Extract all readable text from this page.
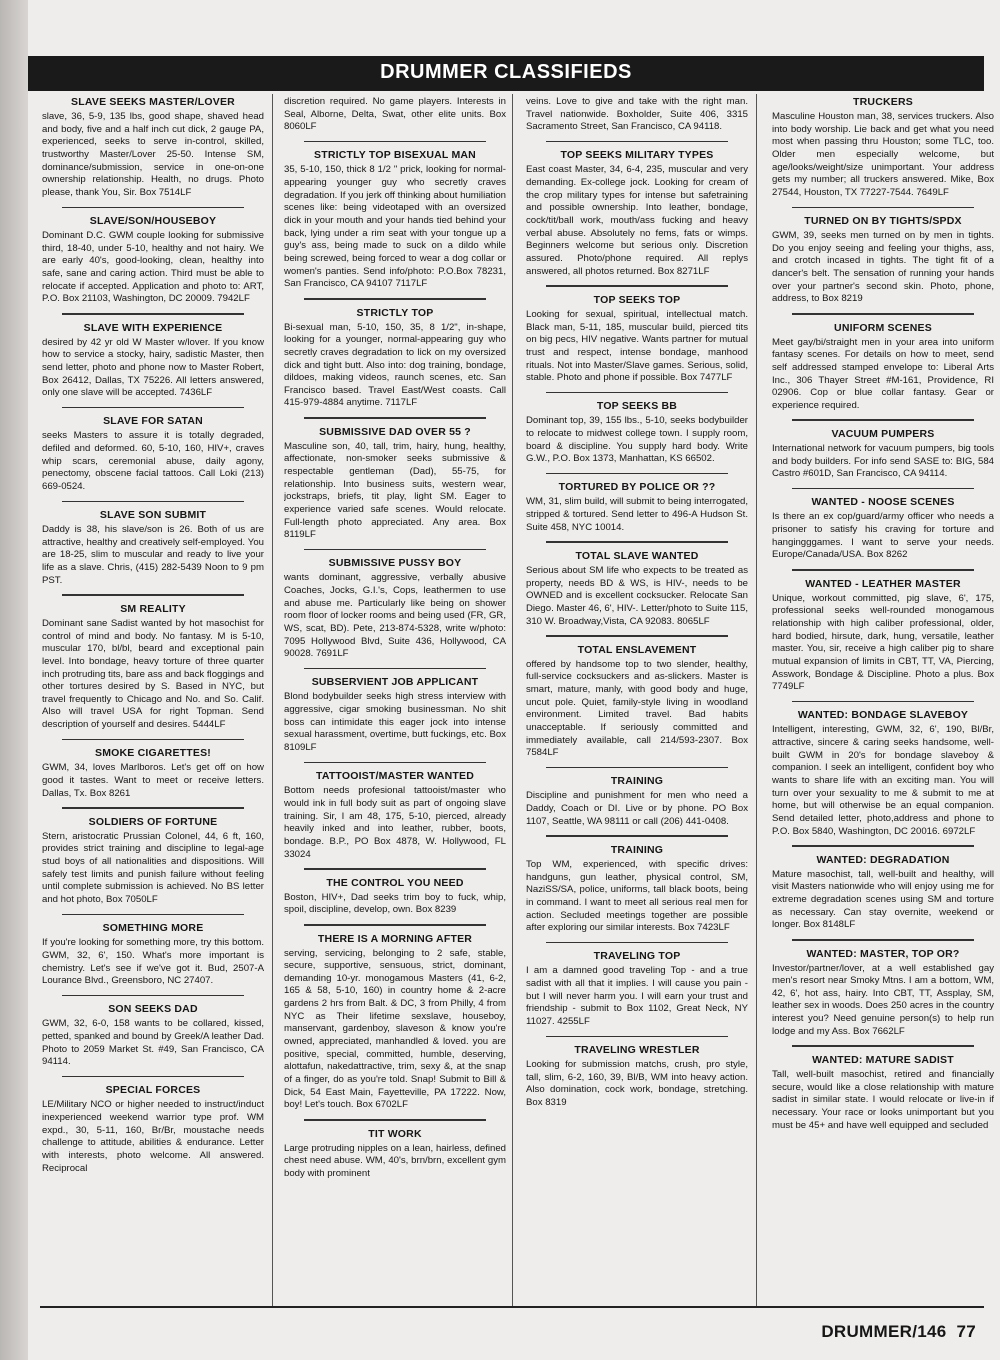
DRUMMER CLASSIFIEDS
SLAVE SEEKS MASTER/LOVER

slave, 36, 5-9, 135 lbs, good shape, shaved head and body, five and a half inch cut dick, 2 gauge PA, experienced, seeks to serve in-control, skilled, trustworthy Master/Lover 25-50. Intense SM, dominance/submission, service in one-on-one ownership relationship. Health, no drugs. Photo please, thank You, Sir. Box 7514LF

SLAVE/SON/HOUSEBOY

Dominant D.C. GWM couple looking for submissive third, 18-40, under 5-10, healthy and not hairy. We are early 40's, good-looking, clean, healthy into safe, sane and caring action. Third must be able to relocate if accepted. Application and photo to: ART, P.O. Box 21103, Washington, DC 20009. 7942LF

SLAVE WITH EXPERIENCE

desired by 42 yr old W Master w/lover. If you know how to service a stocky, hairy, sadistic Master, then send letter, photo and phone now to Master Robert, Box 26412, Dallas, TX 75226. All letters answered, only one slave will be accepted. 7436LF

SLAVE FOR SATAN

seeks Masters to assure it is totally degraded, defiled and deformed. 60, 5-10, 160, HIV+, craves whip scars, ceremonial abuse, daily agony, penectomy, obscene facial tattoos. Call Loki (213) 669-0524.

SLAVE SON SUBMIT

Daddy is 38, his slave/son is 26. Both of us are attractive, healthy and creatively self-employed. You are 18-25, slim to muscular and ready to live your life as a slave. Chris, (415) 282-5439 Noon to 9 pm PST.

SM REALITY

Dominant sane Sadist wanted by hot masochist for control of mind and body. No fantasy. M is 5-10, muscular 170, bl/bl, beard and exceptional pain level. Into bondage, heavy torture of three quarter inch protruding tits, bare ass and back floggings and other tortures desired by S. Based in NYC, but travel frequently to Chicago and No. and So. Calif. Also will travel USA for right Topman. Send description of yourself and desires. 5444LF

SMOKE CIGARETTES!

GWM, 34, loves Marlboros. Let's get off on how good it tastes. Want to meet or receive letters. Dallas, Tx. Box 8261

SOLDIERS OF FORTUNE

Stern, aristocratic Prussian Colonel, 44, 6 ft, 160, provides strict training and discipline to legal-age stud boys of all nationalities and dispositions. Will safely test limits and punish failure without feeling until complete submission is achieved. No BS letter and hot photo, Box 7050LF

SOMETHING MORE

If you're looking for something more, try this bottom. GWM, 32, 6', 150. What's more important is chemistry. Let's see if we've got it. Bud, 2507-A Lourance Blvd., Greensboro, NC 27407.

SON SEEKS DAD

GWM, 32, 6-0, 158 wants to be collared, kissed, petted, spanked and bound by Greek/A leather Dad. Photo to 2059 Market St. #49, San Francisco, CA 94114.

SPECIAL FORCES

LE/Military NCO or higher needed to instruct/induct inexperienced weekend warrior type prof. WM expd., 30, 5-11, 160, Br/Br, moustache needs challenge to attitude, abilities & endurance. Letter with interests, photo welcome. All answered. Reciprocal

discretion required. No game players. Interests in Seal, Alborne, Delta, Swat, other elite units. Box 8060LF

STRICTLY TOP BISEXUAL MAN

35, 5-10, 150, thick 8 1/2 " prick, looking for normal-appearing younger guy who secretly craves degradation. If you jerk off thinking about humiliation scenes like: being videotaped with an oversized dick in your mouth and your hands tied behind your back, lying under a rim seat with your tongue up a guy's ass, being made to suck on a dildo while being screwed, being forced to wear a dog collar or women's panties. Send info/photo: P.O.Box 78231, San Francisco, CA 94107 7117LF

STRICTLY TOP

Bi-sexual man, 5-10, 150, 35, 8 1/2", in-shape, looking for a younger, normal-appearing guy who secretly craves degradation to lick on my oversized dick and tight butt. Also into: dog training, bondage, dildoes, making videos, raunch scenes, etc. San Francisco based. Travel East/West coasts. Call 415-979-4884 anytime. 7117LF

SUBMISSIVE DAD OVER 55 ?

Masculine son, 40, tall, trim, hairy, hung, healthy, affectionate, non-smoker seeks submissive & respectable gentleman (Dad), 55-75, for relationship. Into business suits, western wear, jockstraps, briefs, tit play, light SM. Eager to experience varied safe scenes. Would relocate. Full-length photo appreciated. Any area. Box 8119LF

SUBMISSIVE PUSSY BOY

wants dominant, aggressive, verbally abusive Coaches, Jocks, G.I.'s, Cops, leathermen to use and abuse me. Particularly like being on shower room floor of locker rooms and being used (FR, GR, WS, scat, BD). Pete, 213-874-5328, write w/photo: 7095 Hollywood Blvd, Suite 436, Hollywood, CA 90028. 7691LF

SUBSERVIENT JOB APPLICANT

Blond bodybuilder seeks high stress interview with aggressive, cigar smoking businessman. No shit boss can intimidate this eager jock into intense sexual harassment, overtime, butt fuckings, etc. Box 8109LF

TATTOOIST/MASTER WANTED

Bottom needs profesional tattooist/master who would ink in full body suit as part of ongoing slave training. Sir, I am 48, 175, 5-10, pierced, already heavily inked and into leather, rubber, boots, bondage. B.P., PO Box 4878, W. Hollywood, FL 33024

THE CONTROL YOU NEED

Boston, HIV+, Dad seeks trim boy to fuck, whip, spoil, discipline, develop, own. Box 8239

THERE IS A MORNING AFTER

serving, servicing, belonging to 2 safe, stable, secure, supportive, sensuous, strict, dominant, demanding 10-yr. monogamous Masters (41, 6-2, 165 & 58, 5-10, 160) in country home & 2-acre gardens 2 hrs from Balt. & DC, 3 from Philly, 4 from NYC as Their lifetime sexslave, houseboy, manservant, gardenboy, slaveson & know you're owned, appreciated, manhandled & loved. you are positive, special, committed, humble, deserving, alottafun, nakedattractive, trim, sexy &, at the snap of a finger, do as you're told. Snap! Submit to Bill & Dick, 54 East Main, Fayetteville, PA 17222. Now, boy! Let's touch. Box 6702LF

TIT WORK

Large protruding nipples on a lean, hairless, defined chest need abuse. WM, 40's, brn/brn, excellent gym body with prominent

veins. Love to give and take with the right man. Travel nationwide. Boxholder, Suite 406, 3315 Sacramento Street, San Francisco, CA 94118.

TOP SEEKS MILITARY TYPES

East coast Master, 34, 6-4, 235, muscular and very demanding. Ex-college jock. Looking for cream of the crop military types for intense but safetraining and possible ownership. Into leather, bondage, cock/tit/ball work, mouth/ass fucking and heavy verbal abuse. Absolutely no fems, fats or wimps. Beginners welcome but serious only. Discretion assured. Photo/phone required. All replys answered, all photos returned. Box 8271LF

TOP SEEKS TOP

Looking for sexual, spiritual, intellectual match. Black man, 5-11, 185, muscular build, pierced tits on big pecs, HIV negative. Wants partner for mutual trust and respect, intense bondage, manhood rituals. Not into Master/Slave games. Serious, solid, stable. Photo and phone if possible. Box 7477LF

TOP SEEKS BB

Dominant top, 39, 155 lbs., 5-10, seeks bodybuilder to relocate to midwest college town. I supply room, board & discipline. You supply hard body. Write G.W., P.O. Box 1373, Manhattan, KS 66502.

TORTURED BY POLICE OR ??

WM, 31, slim build, will submit to being interrogated, stripped & tortured. Send letter to 496-A Hudson St. Suite 458, NYC 10014.

TOTAL SLAVE WANTED

Serious about SM life who expects to be treated as property, needs BD & WS, is HIV-, needs to be OWNED and is excellent cocksucker. Relocate San Diego. Master 46, 6', HIV-. Letter/photo to Suite 115, 310 W. Broadway,Vista, CA 92083. 8065LF

TOTAL ENSLAVEMENT

offered by handsome top to two slender, healthy, full-service cocksuckers and as-slickers. Master is smart, mature, manly, with good body and huge, uncut pole. Quiet, family-style living in woodland environment. Limited travel. Bad habits unacceptable. If seriously committed and immediately available, call 214/593-2307. Box 7584LF

TRAINING

Discipline and punishment for men who need a Daddy, Coach or DI. Live or by phone. PO Box 1107, Seattle, WA 98111 or call (206) 441-0408.

TRAINING

Top WM, experienced, with specific drives: handguns, gun leather, physical control, SM, NaziSS/SA, police, uniforms, tall black boots, being in command. I want to meet all serious real men for action. Secluded meetings together are possible after exploring our similar interests. Box 7423LF

TRAVELING TOP

I am a damned good traveling Top - and a true sadist with all that it implies. I will cause you pain - but I will never harm you. I will earn your trust and friendship - submit to Box 1102, Great Neck, NY 11027. 4255LF

TRAVELING WRESTLER

Looking for submission matchs, crush, pro style, tall, slim, 6-2, 160, 39, Bl/B, WM into heavy action. Also domination, cock work, bondage, stretching. Box 8319

TRUCKERS

Masculine Houston man, 38, services truckers. Also into body worship. Lie back and get what you need most when passing thru Houston; some TLC, too. Older men especially welcome, but age/looks/weight/size unimportant. Your address gets my number; all truckers answered. Mike, Box 27544, Houston, TX 77227-7544. 7649LF

TURNED ON BY TIGHTS/SPDX

GWM, 39, seeks men turned on by men in tights. Do you enjoy seeing and feeling your thighs, ass, and crotch incased in tights. The tight fit of a dancer's belt. The sensation of running your hands over your partner's second skin. Photo, phone, address, to Box 8219

UNIFORM SCENES

Meet gay/bi/straight men in your area into uniform fantasy scenes. For details on how to meet, send self addressed stamped envelope to: Liberal Arts Inc., 306 Thayer Street #M-161, Providence, RI 02906. Cop or blue collar fantasy. Gear or experience required.

VACUUM PUMPERS

International network for vacuum pumpers, big tools and body builders. For info send SASE to: BIG, 584 Castro #601D, San Francisco, CA 94114.

WANTED - NOOSE SCENES

Is there an ex cop/guard/army officer who needs a prisoner to satisfy his craving for torture and hangingggames. I want to serve your needs. Europe/Canada/USA. Box 8262

WANTED - LEATHER MASTER

Unique, workout committed, pig slave, 6', 175, professional seeks well-rounded monogamous relationship with high caliber professional, older, hard bodied, hirsute, dark, hung, versatile, leather master. You, sir, receive a high caliber pig to share mutual expansion of limits in CBT, TT, VA, Piercing, Asswork, Bondage & Discipline. Photo a plus. Box 7749LF

WANTED: BONDAGE SLAVEBOY

Intelligent, interesting, GWM, 32, 6', 190, Bl/Br, attractive, sincere & caring seeks handsome, well-built GWM in 20's for bondage slaveboy & companion. I seek an intelligent, confident boy who wants to share life with an exciting man. You will turn over your sexuality to me & submit to me at home, but will otherwise be an equal companion. Send detailed letter, photo,address and phone to P.O. Box 5840, Washington, DC 20016. 6972LF

WANTED: DEGRADATION

Mature masochist, tall, well-built and healthy, will visit Masters nationwide who will enjoy using me for extreme degradation scenes using SM and torture as necessary. Can stay overnite, weekend or longer. Box 8148LF

WANTED: MASTER, TOP OR?

Investor/partner/lover, at a well established gay men's resort near Smoky Mtns. I am a bottom, WM, 42, 6', hot ass, hairy. Into CBT, TT, Assplay, SM, leather sex in woods. Does 250 acres in the country interest you? Need genuine person(s) to help run lodge and my Ass. Box 7662LF

WANTED: MATURE SADIST

Tall, well-built masochist, retired and financially secure, would like a close relationship with mature sadist in similar state. I would relocate or live-in if necessary. Your race or looks unimportant but you must be 45+ and have well equipped and secluded

DRUMMER/146 77
